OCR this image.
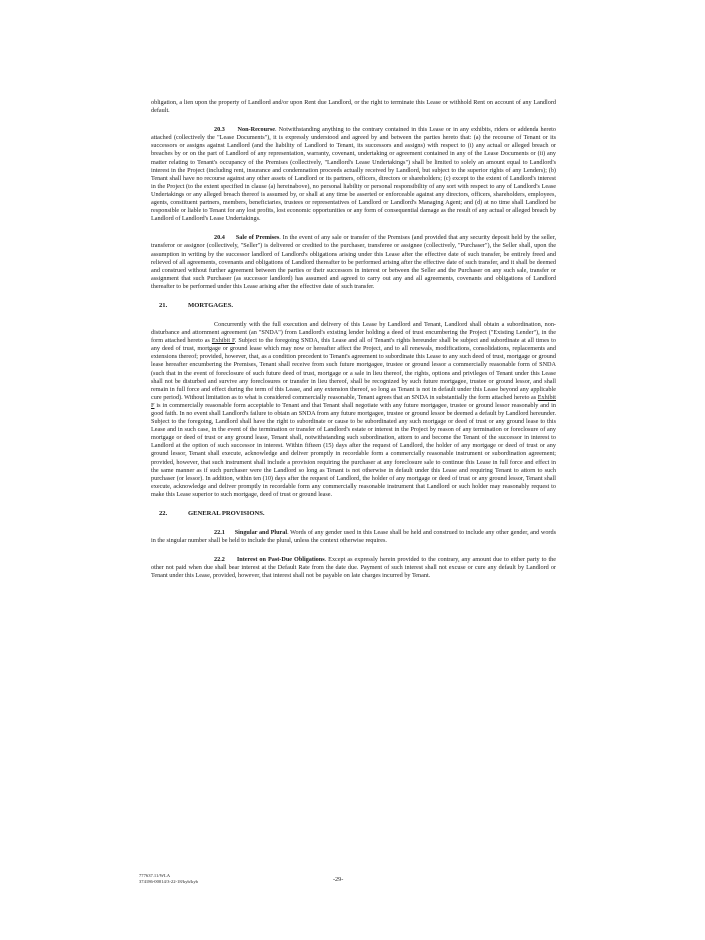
obligation, a lien upon the property of Landlord and/or upon Rent due Landlord, or the right to terminate this Lease or withhold Rent on account of any Landlord default.

20.3 Non-Recourse. Notwithstanding anything to the contrary contained in this Lease or in any exhibits, riders or addenda hereto attached (collectively the "Lease Documents"), it is expressly understood and agreed by and between the parties hereto that: (a) the recourse of Tenant or its successors or assigns against Landlord (and the liability of Landlord to Tenant, its successors and assigns) with respect to (i) any actual or alleged breach or breaches by or on the part of Landlord of any representation, warranty, covenant, undertaking or agreement contained in any of the Lease Documents or (ii) any matter relating to Tenant's occupancy of the Premises (collectively, "Landlord's Lease Undertakings") shall be limited to solely an amount equal to Landlord's interest in the Project (including rent, insurance and condemnation proceeds actually received by Landlord, but subject to the superior rights of any Lenders); (b) Tenant shall have no recourse against any other assets of Landlord or its partners, officers, directors or shareholders; (c) except to the extent of Landlord's interest in the Project (to the extent specified in clause (a) hereinabove), no personal liability or personal responsibility of any sort with respect to any of Landlord's Lease Undertakings or any alleged breach thereof is assumed by, or shall at any time be asserted or enforceable against any directors, officers, shareholders, employees, agents, constituent partners, members, beneficiaries, trustees or representatives of Landlord or Landlord's Managing Agent; and (d) at no time shall Landlord be responsible or liable to Tenant for any lost profits, lost economic opportunities or any form of consequential damage as the result of any actual or alleged breach by Landlord of Landlord's Lease Undertakings.

20.4 Sale of Premises. In the event of any sale or transfer of the Premises (and provided that any security deposit held by the seller, transferor or assignor (collectively, "Seller") is delivered or credited to the purchaser, transferee or assignee (collectively, "Purchaser"), the Seller shall, upon the assumption in writing by the successor landlord of Landlord's obligations arising under this Lease after the effective date of such transfer, be entirely freed and relieved of all agreements, covenants and obligations of Landlord thereafter to be performed arising after the effective date of such transfer, and it shall be deemed and construed without further agreement between the parties or their successors in interest or between the Seller and the Purchaser on any such sale, transfer or assignment that such Purchaser (as successor landlord) has assumed and agreed to carry out any and all agreements, covenants and obligations of Landlord thereafter to be performed under this Lease arising after the effective date of such transfer.

21.	MORTGAGES.

Concurrently with the full execution and delivery of this Lease by Landlord and Tenant, Landlord shall obtain a subordination, non-disturbance and attornment agreement (an "SNDA") from Landlord's existing lender holding a deed of trust encumbering the Project ("Existing Lender"), in the form attached hereto as Exhibit F. Subject to the foregoing SNDA, this Lease and all of Tenant's rights hereunder shall be subject and subordinate at all times to any deed of trust, mortgage or ground lease which may now or hereafter affect the Project, and to all renewals, modifications, consolidations, replacements and extensions thereof; provided, however, that, as a condition precedent to Tenant's agreement to subordinate this Lease to any such deed of trust, mortgage or ground lease hereafter encumbering the Premises, Tenant shall receive from such future mortgagee, trustee or ground lessor a commercially reasonable form of SNDA (such that in the event of foreclosure of such future deed of trust, mortgage or a sale in lieu thereof, the rights, options and privileges of Tenant under this Lease shall not be disturbed and survive any foreclosures or transfer in lieu thereof, shall be recognized by such future mortgagee, trustee or ground lessor, and shall remain in full force and effect during the term of this Lease, and any extension thereof, so long as Tenant is not in default under this Lease beyond any applicable cure period). Without limitation as to what is considered commercially reasonable, Tenant agrees that an SNDA in substantially the form attached hereto as Exhibit F is in commercially reasonable form acceptable to Tenant and that Tenant shall negotiate with any future mortgagee, trustee or ground lessor reasonably and in good faith. In no event shall Landlord's failure to obtain an SNDA from any future mortgagee, trustee or ground lessor be deemed a default by Landlord hereunder. Subject to the foregoing, Landlord shall have the right to subordinate or cause to be subordinated any such mortgage or deed of trust or any ground lease to this Lease and in such case, in the event of the termination or transfer of Landlord's estate or interest in the Project by reason of any termination or foreclosure of any mortgage or deed of trust or any ground lease, Tenant shall, notwithstanding such subordination, attorn to and become the Tenant of the successor in interest to Landlord at the option of such successor in interest. Within fifteen (15) days after the request of Landlord, the holder of any mortgage or deed of trust or any ground lessor, Tenant shall execute, acknowledge and deliver promptly in recordable form a commercially reasonable instrument or subordination agreement; provided, however, that such instrument shall include a provision requiring the purchaser at any foreclosure sale to continue this Lease in full force and effect in the same manner as if such purchaser were the Landlord so long as Tenant is not otherwise in default under this Lease and requiring Tenant to attorn to such purchaser (or lessor). In addition, within ten (10) days after the request of Landlord, the holder of any mortgage or deed of trust or any ground lessor, Tenant shall execute, acknowledge and deliver promptly in recordable form any commercially reasonable instrument that Landlord or such holder may reasonably request to make this Lease superior to such mortgage, deed of trust or ground lease.

22.	GENERAL PROVISIONS.

22.1 Singular and Plural. Words of any gender used in this Lease shall be held and construed to include any other gender, and words in the singular number shall be held to include the plural, unless the context otherwise requires.

22.2 Interest on Past-Due Obligations. Except as expressly herein provided to the contrary, any amount due to either party to the other not paid when due shall bear interest at the Default Rate from the date due. Payment of such interest shall not excuse or cure any default by Landlord or Tenant under this Lease, provided, however, that interest shall not be payable on late charges incurred by Tenant.

777637.11/WLA
374186-00014/3-22-18/kyb/kyb	-29-
